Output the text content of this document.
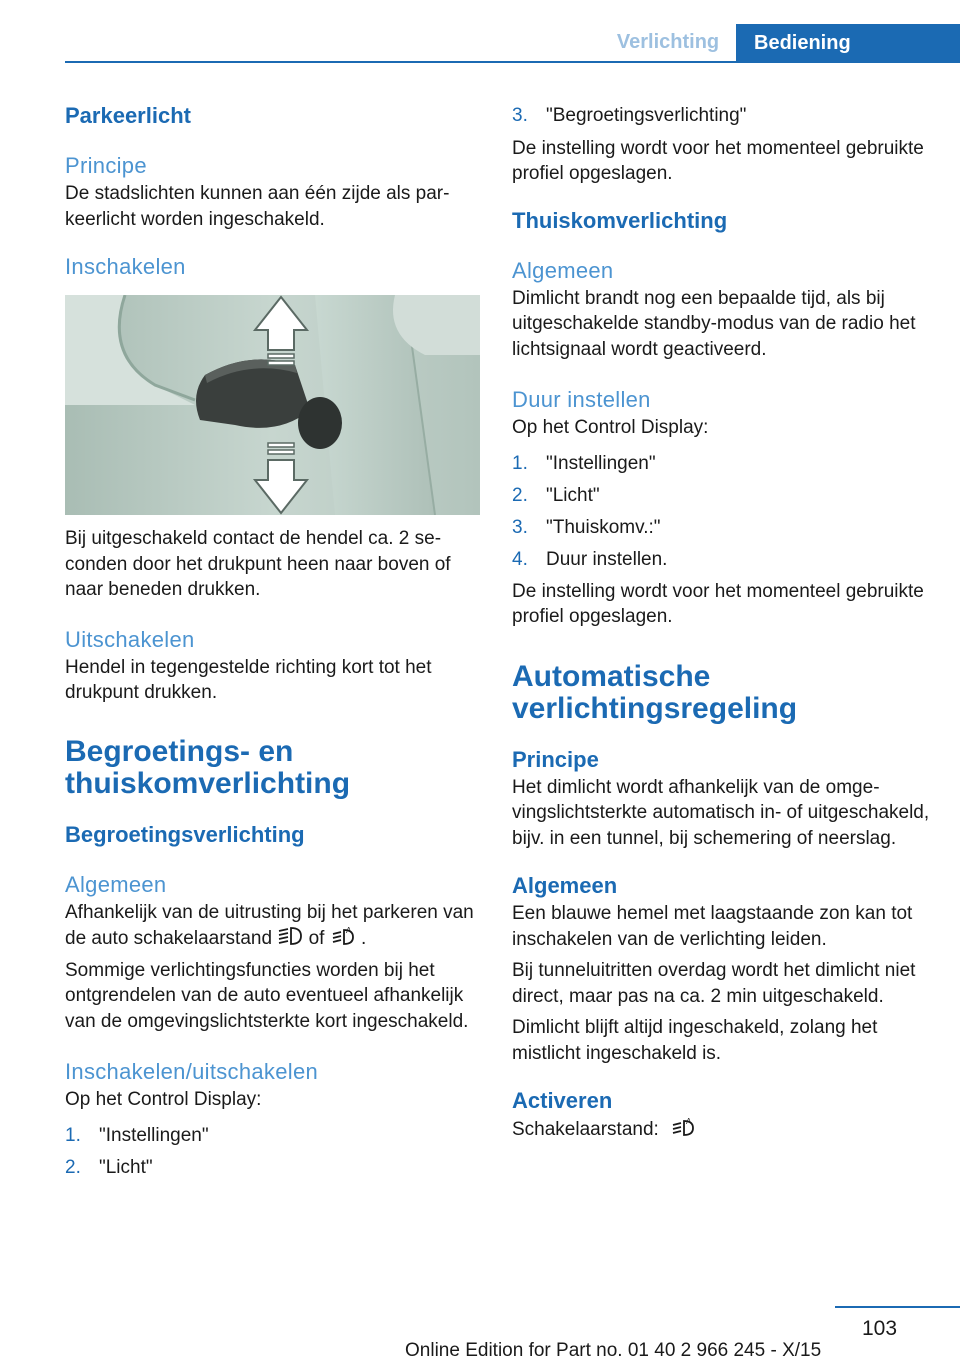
Verlichting	Bediening
Parkeerlicht
Principe

De stadslichten kunnen aan één zijde als parkeerlicht worden ingeschakeld.

Inschakelen

Bij uitgeschakeld contact de hendel ca. 2 seconden door het drukpunt heen naar boven of naar beneden drukken.

Uitschakelen

Hendel in tegengestelde richting kort tot het drukpunt drukken.

Begroetings- en thuiskomverlichting
Begroetingsverlichting
Algemeen

Afhankelijk van de uitrusting bij het parkeren van de auto schakelaarstand of	A .

Sommige verlichtingsfuncties worden bij het ontgrendelen van de auto eventueel afhankelijk van de omgevingslichtsterkte kort ingeschakeld.

Inschakelen/uitschakelen

Op het Control Display:

1. "Instellingen"
2. "Licht"
3. "Begroetingsverlichting"

De instelling wordt voor het momenteel gebruikte profiel opgeslagen.

Thuiskomverlichting
Algemeen

Dimlicht brandt nog een bepaalde tijd, als bij uitgeschakelde standby-modus van de radio het lichtsignaal wordt geactiveerd.

Duur instellen

Op het Control Display:

1. "Instellingen"
2. "Licht"
3. "Thuiskomv.:"
4. Duur instellen.

De instelling wordt voor het momenteel gebruikte profiel opgeslagen.

Automatische verlichtingsregeling
Principe

Het dimlicht wordt afhankelijk van de omgevingslichtsterkte automatisch in- of uitgeschakeld, bijv. in een tunnel, bij schemering of neerslag.

Algemeen

Een blauwe hemel met laagstaande zon kan tot inschakelen van de verlichting leiden.

Bij tunneluitritten overdag wordt het dimlicht niet direct, maar pas na ca. 2 min uitgeschakeld.

Dimlicht blijft altijd ingeschakeld, zolang het mistlicht ingeschakeld is.

Activeren

Schakelaarstand:	A

103
Online Edition for Part no. 01 40 2 966 245 - X/15
